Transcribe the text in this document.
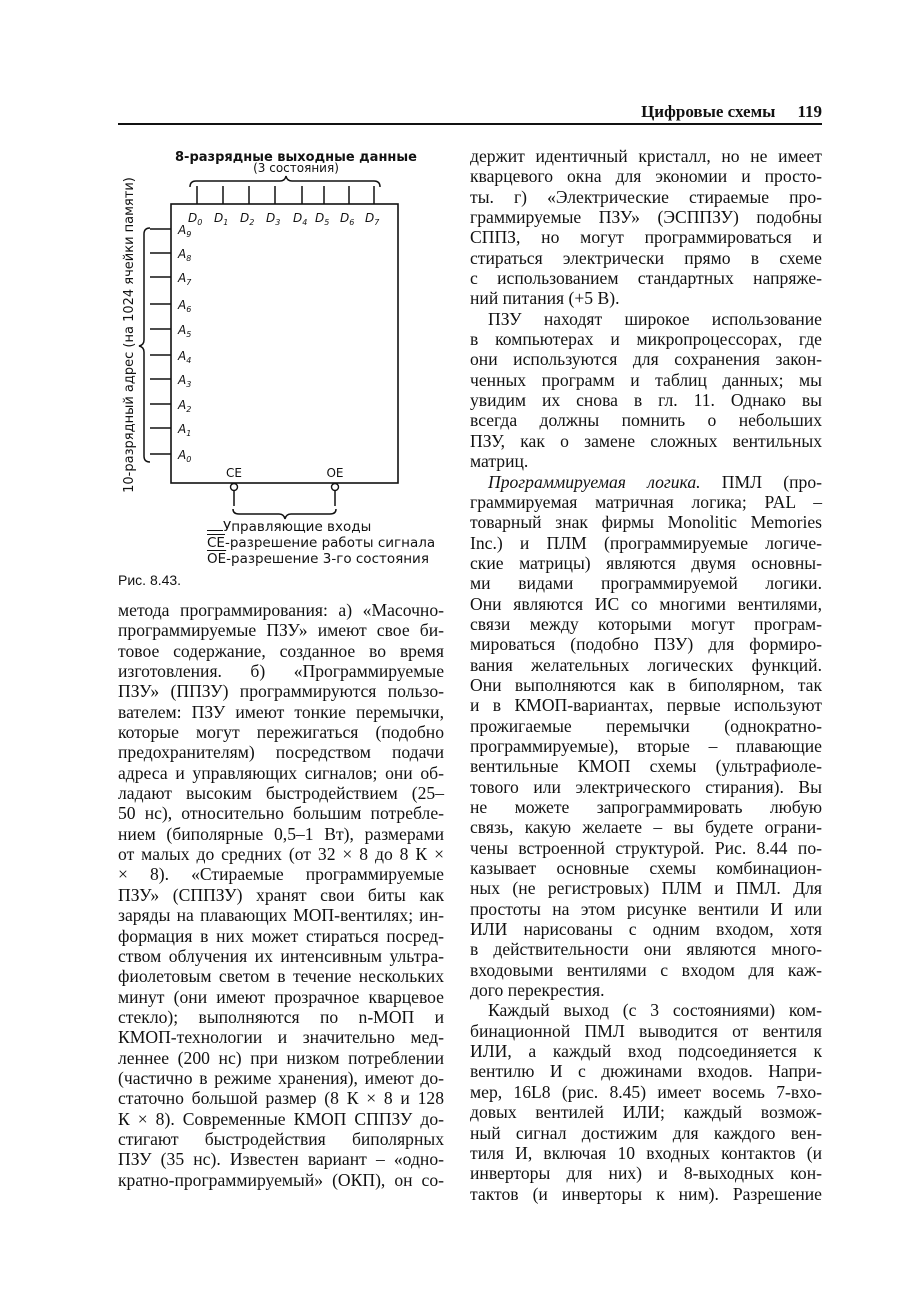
Цифровые схемы 119
8-разрядные выходные данные
(3 состояния)
$D_0$ $D_1$ $D_2$ $D_3$ $D_4$ $D_5$ $D_6$ $D_7$
$A_9$
$A_8$
$A_7$
$A_6$
$A_5$
$A_4$
$A_3$
$A_2$
$A_1$
$A_0$
10-разрядный адрес (на 1024 ячейки памяти)	CE	OE
Управляющие входы
$\overline{CE}$-разрешение работы сигнала
$\overline{OE}$-разрешение 3-го состояния
Рис. 8.43.
метода программирования: а) «Масочно-
программируемые ПЗУ» имеют свое би-
товое содержание, созданное во время
изготовления. б) «Программируемые
ПЗУ» (ППЗУ) программируются пользо-
вателем: ПЗУ имеют тонкие перемычки,
которые могут пережигаться (подобно
предохранителям) посредством подачи
адреса и управляющих сигналов; они об-
ладают высоким быстродействием (25–
50 нс), относительно большим потребле-
нием (биполярные 0,5–1 Вт), размерами
от малых до средних (от 32 × 8 до 8 К ×
× 8). «Стираемые программируемые
ПЗУ» (СППЗУ) хранят свои биты как
заряды на плавающих МОП-вентилях; ин-
формация в них может стираться посред-
ством облучения их интенсивным ультра-
фиолетовым светом в течение нескольких
минут (они имеют прозрачное кварцевое
стекло); выполняются по n-МОП и
КМОП-технологии и значительно мед-
леннее (200 нс) при низком потреблении
(частично в режиме хранения), имеют до-
статочно большой размер (8 К × 8 и 128
К × 8). Современные КМОП СППЗУ до-
стигают быстродействия биполярных
ПЗУ (35 нс). Известен вариант – «одно-
кратно-программируемый» (ОКП), он со-
держит идентичный кристалл, но не имеет
кварцевого окна для экономии и просто-
ты. г) «Электрические стираемые про-
граммируемые ПЗУ» (ЭСППЗУ) подобны
СППЗ, но могут программироваться и
стираться электрически прямо в схеме
с использованием стандартных напряже-
ний питания (+5 В).
ПЗУ находят широкое использование
в компьютерах и микропроцессорах, где
они используются для сохранения закон-
ченных программ и таблиц данных; мы
увидим их снова в гл. 11. Однако вы
всегда должны помнить о небольших
ПЗУ, как о замене сложных вентильных
матриц.
Программируемая логика. ПМЛ (про-
граммируемая матричная логика; PAL –
товарный знак фирмы Monolitic Memories
Inc.) и ПЛМ (программируемые логиче-
ские матрицы) являются двумя основны-
ми видами программируемой логики.
Они являются ИС со многими вентилями,
связи между которыми могут програм-
мироваться (подобно ПЗУ) для формиро-
вания желательных логических функций.
Они выполняются как в биполярном, так
и в КМОП-вариантах, первые используют
прожигаемые перемычки (однократно-
программируемые), вторые – плавающие
вентильные КМОП схемы (ультрафиоле-
тового или электрического стирания). Вы
не можете запрограммировать любую
связь, какую желаете – вы будете ограни-
чены встроенной структурой. Рис. 8.44 по-
казывает основные схемы комбинацион-
ных (не регистровых) ПЛМ и ПМЛ. Для
простоты на этом рисунке вентили И или
ИЛИ нарисованы с одним входом, хотя
в действительности они являются много-
входовыми вентилями с входом для каж-
дого перекрестия.
Каждый выход (с 3 состояниями) ком-
бинационной ПМЛ выводится от вентиля
ИЛИ, а каждый вход подсоединяется к
вентилю И с дюжинами входов. Напри-
мер, 16L8 (рис. 8.45) имеет восемь 7-вхо-
довых вентилей ИЛИ; каждый возмож-
ный сигнал достижим для каждого вен-
тиля И, включая 10 входных контактов (и
инверторы для них) и 8-выходных кон-
тактов (и инверторы к ним). Разрешение
